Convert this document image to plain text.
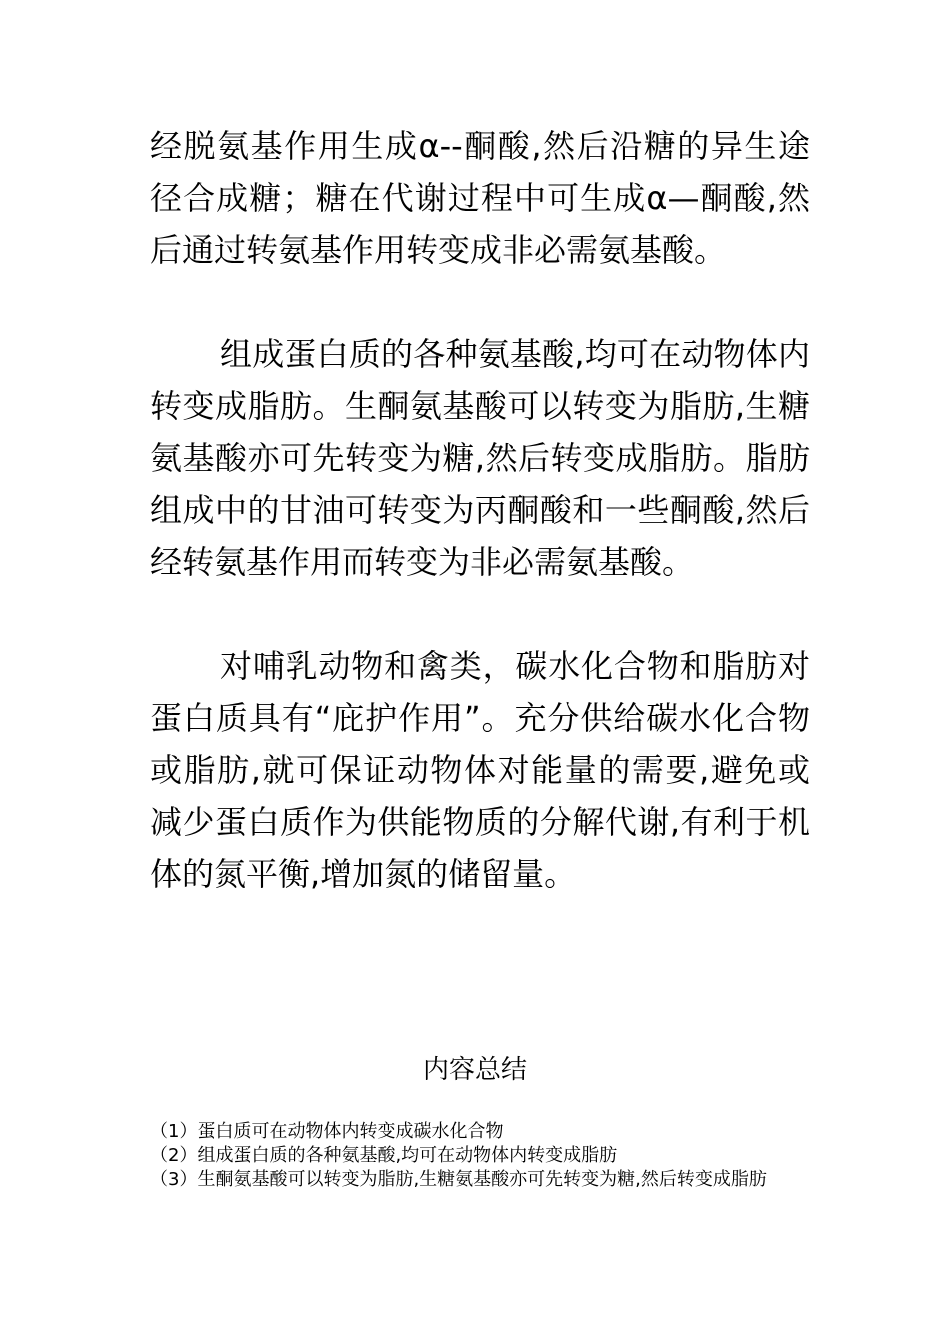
经脱氨基作用生成α--酮酸,然后沿糖的异生途径合成糖；糖在代谢过程中可生成α—酮酸,然后通过转氨基作用转变成非必需氨基酸。

组成蛋白质的各种氨基酸,均可在动物体内转变成脂肪。生酮氨基酸可以转变为脂肪,生糖氨基酸亦可先转变为糖,然后转变成脂肪。脂肪组成中的甘油可转变为丙酮酸和一些酮酸,然后经转氨基作用而转变为非必需氨基酸。

对哺乳动物和禽类，碳水化合物和脂肪对蛋白质具有“庇护作用”。充分供给碳水化合物或脂肪,就可保证动物体对能量的需要,避免或减少蛋白质作为供能物质的分解代谢,有利于机体的氮平衡,增加氮的储留量。

内容总结

（1）蛋白质可在动物体内转变成碳水化合物

（2）组成蛋白质的各种氨基酸,均可在动物体内转变成脂肪

（3）生酮氨基酸可以转变为脂肪,生糖氨基酸亦可先转变为糖,然后转变成脂肪
